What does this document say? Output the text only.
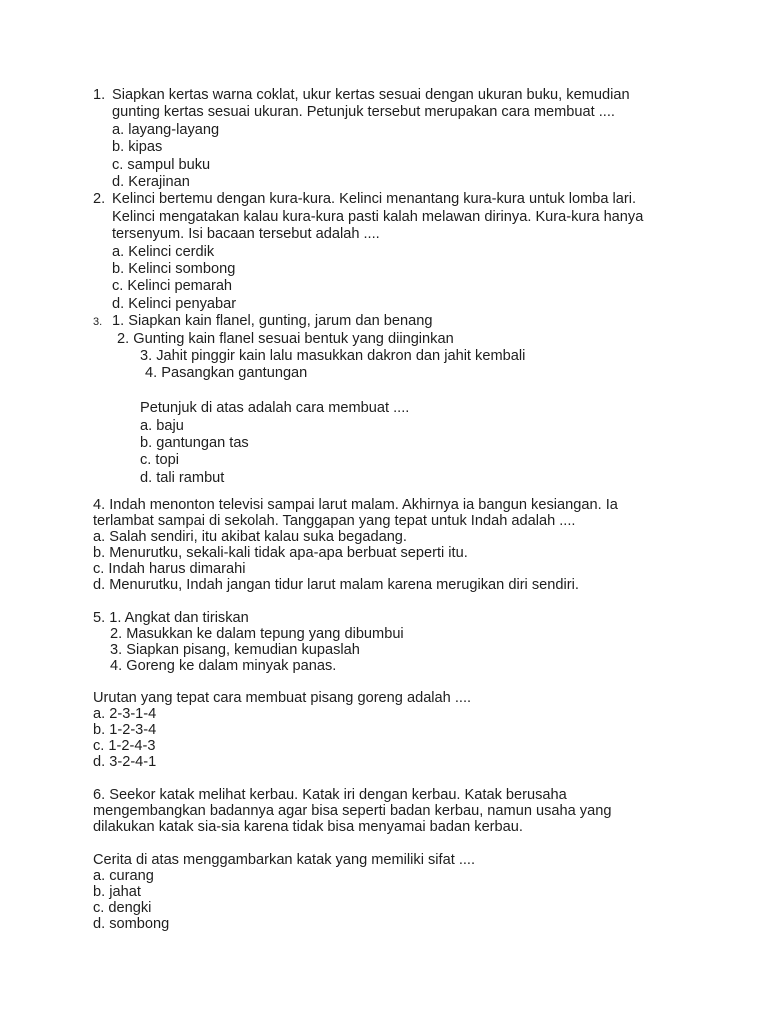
1. Siapkan kertas warna coklat, ukur kertas sesuai dengan ukuran buku, kemudian
gunting kertas sesuai ukuran. Petunjuk tersebut merupakan cara membuat ....
a. layang-layang
b. kipas
c. sampul buku
d. Kerajinan
2. Kelinci bertemu dengan kura-kura. Kelinci menantang kura-kura untuk lomba lari.
Kelinci mengatakan kalau kura-kura pasti kalah melawan dirinya. Kura-kura hanya
tersenyum. Isi bacaan tersebut adalah ....
a. Kelinci cerdik
b. Kelinci sombong
c. Kelinci pemarah
d. Kelinci penyabar
3. 1. Siapkan kain flanel, gunting, jarum dan benang
2. Gunting kain flanel sesuai bentuk yang diinginkan
3. Jahit pinggir kain lalu masukkan dakron dan jahit kembali
4. Pasangkan gantungan
Petunjuk di atas adalah cara membuat ....
a. baju
b. gantungan tas
c. topi
d. tali rambut
4. Indah menonton televisi sampai larut malam. Akhirnya ia bangun kesiangan. Ia
terlambat sampai di sekolah. Tanggapan yang tepat untuk Indah adalah ....
a. Salah sendiri, itu akibat kalau suka begadang.
b. Menurutku, sekali-kali tidak apa-apa berbuat seperti itu.
c. Indah harus dimarahi
d. Menurutku, Indah jangan tidur larut malam karena merugikan diri sendiri.
5. 1. Angkat dan tiriskan
2. Masukkan ke dalam tepung yang dibumbui
3. Siapkan pisang, kemudian kupaslah
4. Goreng ke dalam minyak panas.
Urutan yang tepat cara membuat pisang goreng adalah ....
a. 2-3-1-4
b. 1-2-3-4
c. 1-2-4-3
d. 3-2-4-1
6. Seekor katak melihat kerbau. Katak iri dengan kerbau. Katak berusaha
mengembangkan badannya agar bisa seperti badan kerbau, namun usaha yang
dilakukan katak sia-sia karena tidak bisa menyamai badan kerbau.
Cerita di atas menggambarkan katak yang memiliki sifat ....
a. curang
b. jahat
c. dengki
d. sombong
